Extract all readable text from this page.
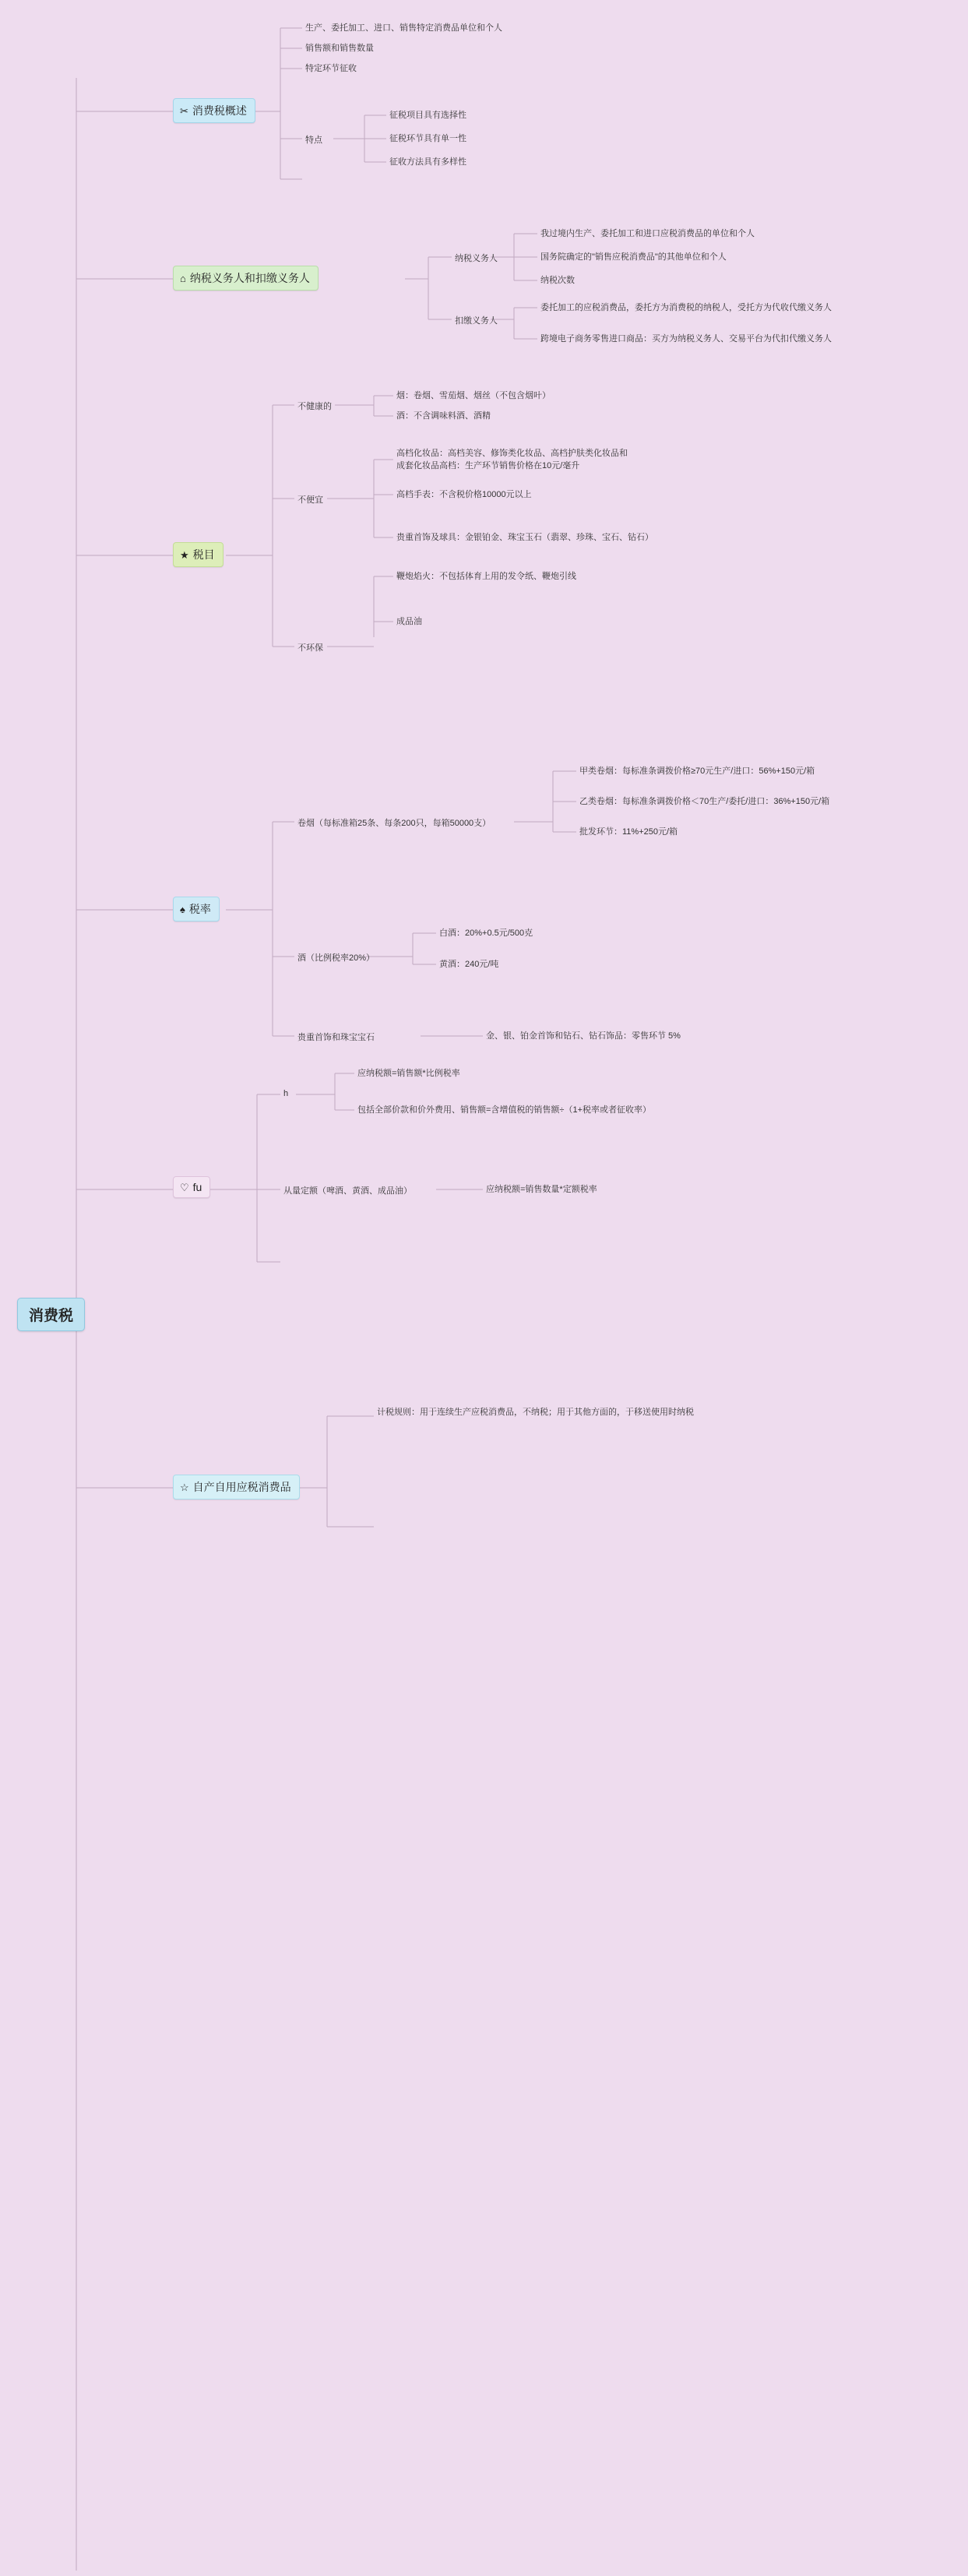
消费税
✂ 消费税概述
生产、委托加工、进口、销售特定消费品单位和个人
销售额和销售数量
特定环节征收
特点
征税项目具有选择性
征税环节具有单一性
征收方法具有多样性
⌂ 纳税义务人和扣缴义务人
纳税义务人
扣缴义务人
我过境内生产、委托加工和进口应税消费品的单位和个人
国务院确定的"销售应税消费品"的其他单位和个人
纳税次数
委托加工的应税消费品，委托方为消费税的纳税人，受托方为代收代缴义务人
跨境电子商务零售进口商品：买方为纳税义务人、交易平台为代扣代缴义务人
★ 税目
不健康的
不便宜
不环保
烟：卷烟、雪茄烟、烟丝（不包含烟叶）
酒：不含调味料酒、酒精
高档化妆品：高档美容、修饰类化妆品、高档护肤类化妆品和成套化妆品高档：生产环节销售价格在10元/毫升
高档手表：不含税价格10000元以上
贵重首饰及球具：金银铂金、珠宝玉石（翡翠、珍珠、宝石、钻石）
鞭炮焰火：不包括体育上用的发令纸、鞭炮引线
成品油
♠ 税率
卷烟（每标准箱25条、每条200只，每箱50000支）
酒（比例税率20%）
贵重首饰和珠宝宝石
甲类卷烟：每标准条调拨价格≥70元生产/进口：56%+150元/箱
乙类卷烟：每标准条调拨价格＜70生产/委托/进口：36%+150元/箱
批发环节：11%+250元/箱
白酒：20%+0.5元/500克
黄酒：240元/吨
金、银、铂金首饰和钻石、钻石饰品：零售环节 5%
♡ fu
h
从量定额（啤酒、黄酒、成品油）
应纳税额=销售额*比例税率
包括全部价款和价外费用、销售额=含增值税的销售额÷（1+税率或者征收率）
应纳税额=销售数量*定额税率
☆ 自产自用应税消费品
计税规则：用于连续生产应税消费品，不纳税；用于其他方面的，于移送使用时纳税
